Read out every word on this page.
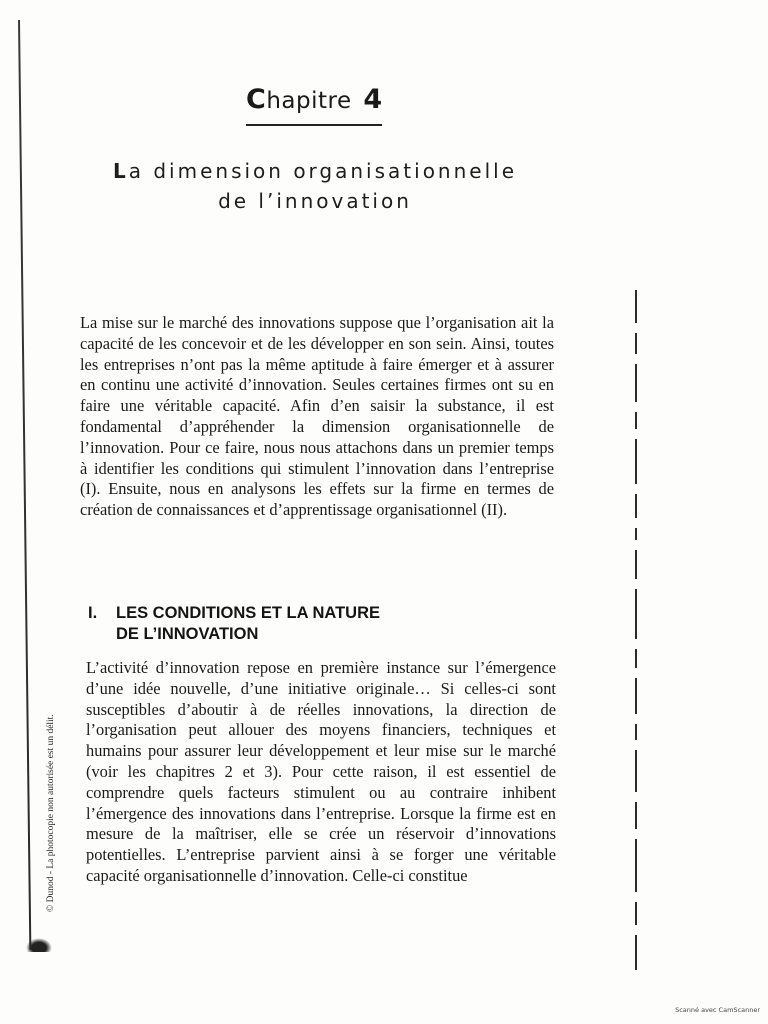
Chapitre 4
La dimension organisationnelle
de l’innovation

La mise sur le marché des innovations suppose que l’organisation ait la capacité de les concevoir et de les développer en son sein. Ainsi, toutes les entreprises n’ont pas la même aptitude à faire émerger et à assurer en continu une activité d’innovation. Seules certaines firmes ont su en faire une véritable capacité. Afin d’en saisir la substance, il est fondamental d’appréhender la dimension organisationnelle de l’innovation. Pour ce faire, nous nous attachons dans un premier temps à identifier les conditions qui stimulent l’innovation dans l’entreprise (I). Ensuite, nous en analysons les effets sur la firme en termes de création de connaissances et d’apprentissage organisationnel (II).

I. LES CONDITIONS ET LA NATURE
DE L’INNOVATION

L’activité d’innovation repose en première instance sur l’émergence d’une idée nouvelle, d’une initiative originale… Si celles-ci sont susceptibles d’aboutir à de réelles innovations, la direction de l’organisation peut allouer des moyens financiers, techniques et humains pour assurer leur développement et leur mise sur le marché (voir les chapitres 2 et 3). Pour cette raison, il est essentiel de comprendre quels facteurs stimulent ou au contraire inhibent l’émergence des innovations dans l’entreprise. Lorsque la firme est en mesure de la maîtriser, elle se crée un réservoir d’innovations potentielles. L’entreprise parvient ainsi à se forger une véritable capacité organisationnelle d’innovation. Celle-ci constitue

© Dunod - La photocopie non autorisée est un délit.
Scanné avec CamScanner
